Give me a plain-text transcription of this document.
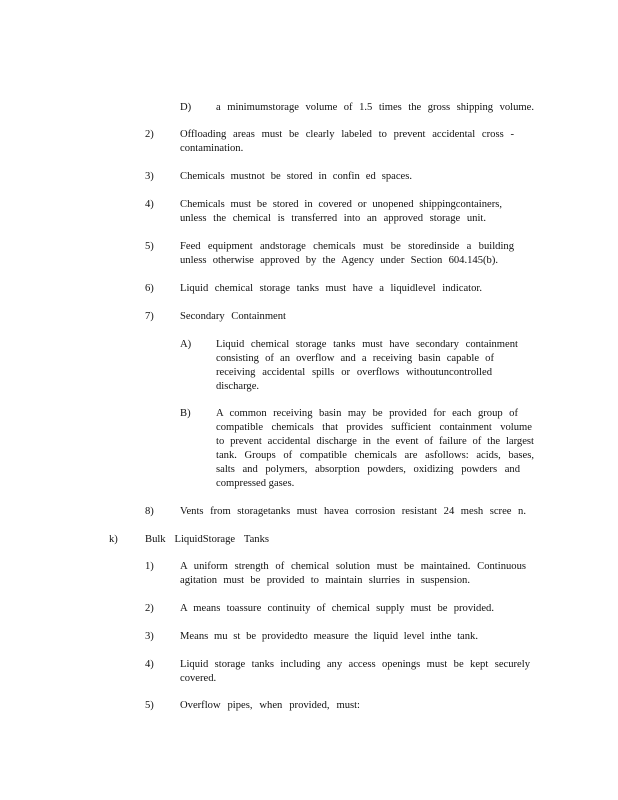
D) a minimumstorage volume of 1.5 times the gross shipping volume.
2) Offloading areas must be clearly labeled to prevent accidental cross -
contamination.
3) Chemicals mustnot be stored in confin ed spaces.
4) Chemicals must be stored in covered or unopened shippingcontainers,
unless the chemical is transferred into an approved storage unit.
5) Feed equipment andstorage chemicals must be storedinside a building
unless otherwise approved by the Agency under Section 604.145(b).
6) Liquid chemical storage tanks must have a liquidlevel indicator.
7) Secondary Containment
A) Liquid chemical storage tanks must have secondary containment
consisting of an overflow and a receiving basin capable of
receiving accidental spills or overflows withoutuncontrolled
discharge.
B) A common receiving basin may be provided for each group of
compatible chemicals that provides sufficient containment volume
to prevent accidental discharge in the event of failure of the largest
tank. Groups of compatible chemicals are asfollows: acids, bases,
salts and polymers, absorption powders, oxidizing powders and
compressed gases.
8) Vents from storagetanks must havea corrosion resistant 24 mesh scree n.
k)	Bulk LiquidStorage Tanks
1) A uniform strength of chemical solution must be maintained. Continuous
agitation must be provided to maintain slurries in suspension.
2) A means toassure continuity of chemical supply must be provided.
3) Means mu st be providedto measure the liquid level inthe tank.
4) Liquid storage tanks including any access openings must be kept securely
covered.
5) Overflow pipes, when provided, must:
